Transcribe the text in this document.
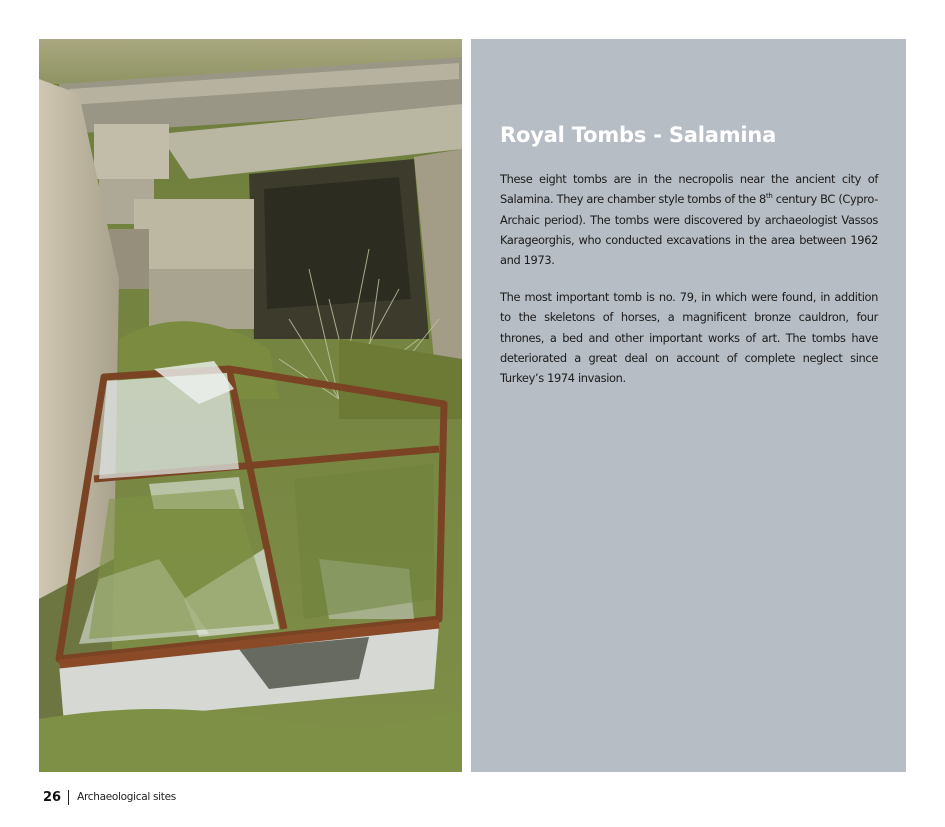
Royal Tombs - Salamina

These eight tombs are in the necropolis near the ancient city of Salamina. They are chamber style tombs of the 8th century BC (Cypro-Archaic period). The tombs were discovered by archaeologist Vassos Karageorghis, who conducted excavations in the area between 1962 and 1973.

The most important tomb is no. 79, in which were found, in addition to the skeletons of horses, a magnificent bronze cauldron, four thrones, a bed and other important works of art. The tombs have deteriorated a great deal on account of complete neglect since Turkey’s 1974 invasion.

26 Archaeological sites
